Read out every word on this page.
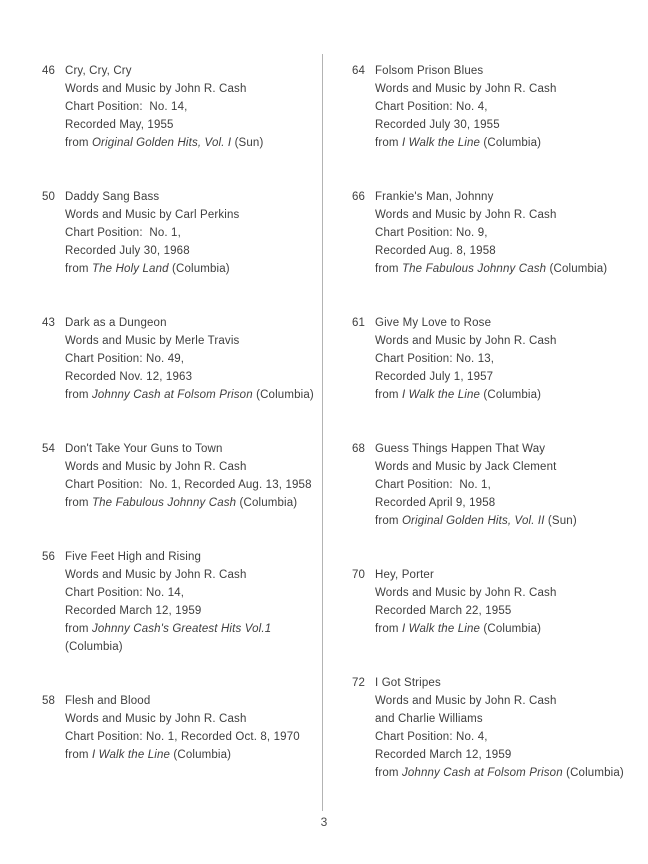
46 Cry, Cry, Cry
Words and Music by John R. Cash
Chart Position:  No. 14,
Recorded May, 1955
from Original Golden Hits, Vol. I (Sun)
50 Daddy Sang Bass
Words and Music by Carl Perkins
Chart Position:  No. 1,
Recorded July 30, 1968
from The Holy Land (Columbia)
43 Dark as a Dungeon
Words and Music by Merle Travis
Chart Position: No. 49,
Recorded Nov. 12, 1963
from Johnny Cash at Folsom Prison (Columbia)
54 Don't Take Your Guns to Town
Words and Music by John R. Cash
Chart Position:  No. 1, Recorded Aug. 13, 1958
from The Fabulous Johnny Cash (Columbia)
56 Five Feet High and Rising
Words and Music by John R. Cash
Chart Position: No. 14,
Recorded March 12, 1959
from Johnny Cash's Greatest Hits Vol.1
(Columbia)
58 Flesh and Blood
Words and Music by John R. Cash
Chart Position: No. 1, Recorded Oct. 8, 1970
from I Walk the Line (Columbia)
64 Folsom Prison Blues
Words and Music by John R. Cash
Chart Position: No. 4,
Recorded July 30, 1955
from I Walk the Line (Columbia)
66 Frankie's Man, Johnny
Words and Music by John R. Cash
Chart Position: No. 9,
Recorded Aug. 8, 1958
from The Fabulous Johnny Cash (Columbia)
61 Give My Love to Rose
Words and Music by John R. Cash
Chart Position: No. 13,
Recorded July 1, 1957
from I Walk the Line (Columbia)
68 Guess Things Happen That Way
Words and Music by Jack Clement
Chart Position:  No. 1,
Recorded April 9, 1958
from Original Golden Hits, Vol. II (Sun)
70 Hey, Porter
Words and Music by John R. Cash
Recorded March 22, 1955
from I Walk the Line (Columbia)
72 I Got Stripes
Words and Music by John R. Cash
and Charlie Williams
Chart Position: No. 4,
Recorded March 12, 1959
from Johnny Cash at Folsom Prison (Columbia)
3
